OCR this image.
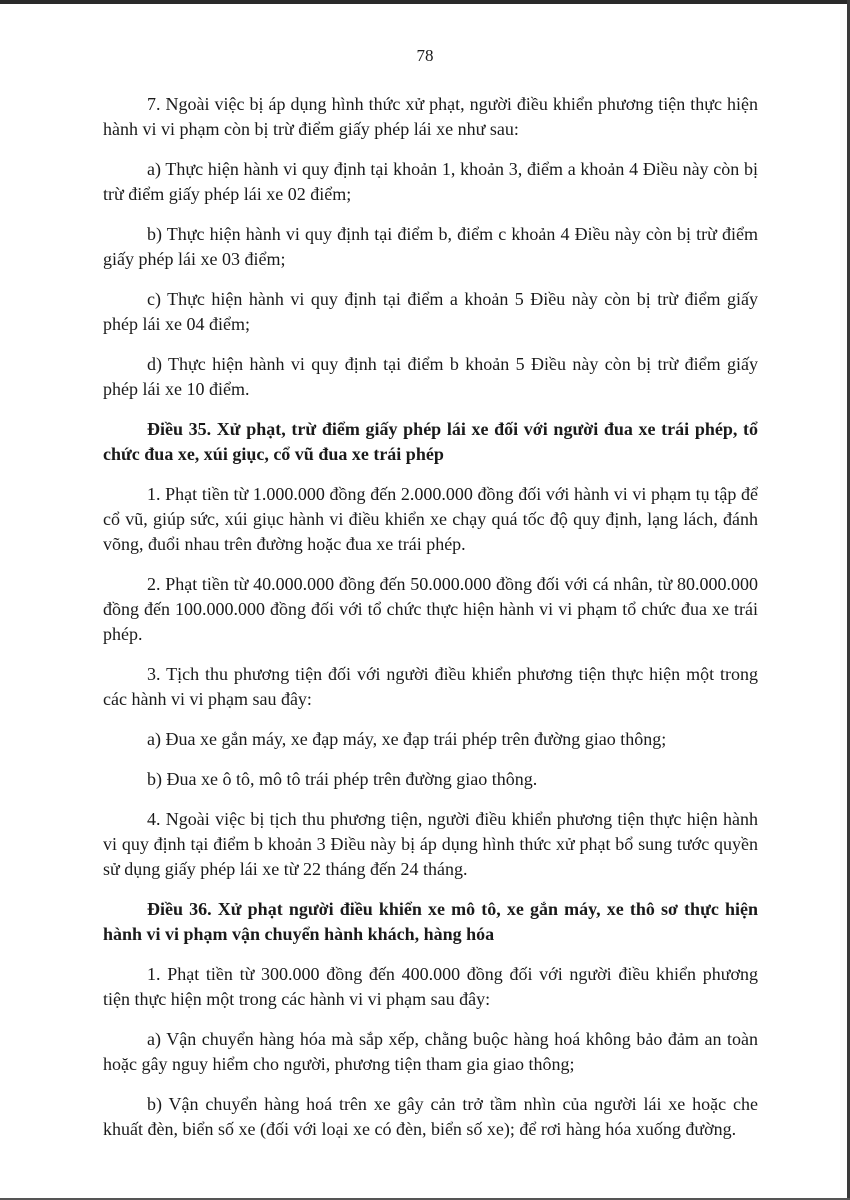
78

7. Ngoài việc bị áp dụng hình thức xử phạt, người điều khiển phương tiện thực hiện hành vi vi phạm còn bị trừ điểm giấy phép lái xe như sau:

a) Thực hiện hành vi quy định tại khoản 1, khoản 3, điểm a khoản 4 Điều này còn bị trừ điểm giấy phép lái xe 02 điểm;

b) Thực hiện hành vi quy định tại điểm b, điểm c khoản 4 Điều này còn bị trừ điểm giấy phép lái xe 03 điểm;

c) Thực hiện hành vi quy định tại điểm a khoản 5 Điều này còn bị trừ điểm giấy phép lái xe 04 điểm;

d) Thực hiện hành vi quy định tại điểm b khoản 5 Điều này còn bị trừ điểm giấy phép lái xe 10 điểm.

Điều 35. Xử phạt, trừ điểm giấy phép lái xe đối với người đua xe trái phép, tổ chức đua xe, xúi giục, cổ vũ đua xe trái phép

1. Phạt tiền từ 1.000.000 đồng đến 2.000.000 đồng đối với hành vi vi phạm tụ tập để cổ vũ, giúp sức, xúi giục hành vi điều khiển xe chạy quá tốc độ quy định, lạng lách, đánh võng, đuổi nhau trên đường hoặc đua xe trái phép.

2. Phạt tiền từ 40.000.000 đồng đến 50.000.000 đồng đối với cá nhân, từ 80.000.000 đồng đến 100.000.000 đồng đối với tổ chức thực hiện hành vi vi phạm tổ chức đua xe trái phép.

3. Tịch thu phương tiện đối với người điều khiển phương tiện thực hiện một trong các hành vi vi phạm sau đây:

a) Đua xe gắn máy, xe đạp máy, xe đạp trái phép trên đường giao thông;

b) Đua xe ô tô, mô tô trái phép trên đường giao thông.

4. Ngoài việc bị tịch thu phương tiện, người điều khiển phương tiện thực hiện hành vi quy định tại điểm b khoản 3 Điều này bị áp dụng hình thức xử phạt bổ sung tước quyền sử dụng giấy phép lái xe từ 22 tháng đến 24 tháng.

Điều 36. Xử phạt người điều khiển xe mô tô, xe gắn máy, xe thô sơ thực hiện hành vi vi phạm vận chuyển hành khách, hàng hóa

1. Phạt tiền từ 300.000 đồng đến 400.000 đồng đối với người điều khiển phương tiện thực hiện một trong các hành vi vi phạm sau đây:

a) Vận chuyển hàng hóa mà sắp xếp, chằng buộc hàng hoá không bảo đảm an toàn hoặc gây nguy hiểm cho người, phương tiện tham gia giao thông;

b) Vận chuyển hàng hoá trên xe gây cản trở tầm nhìn của người lái xe hoặc che khuất đèn, biển số xe (đối với loại xe có đèn, biển số xe); để rơi hàng hóa xuống đường.
